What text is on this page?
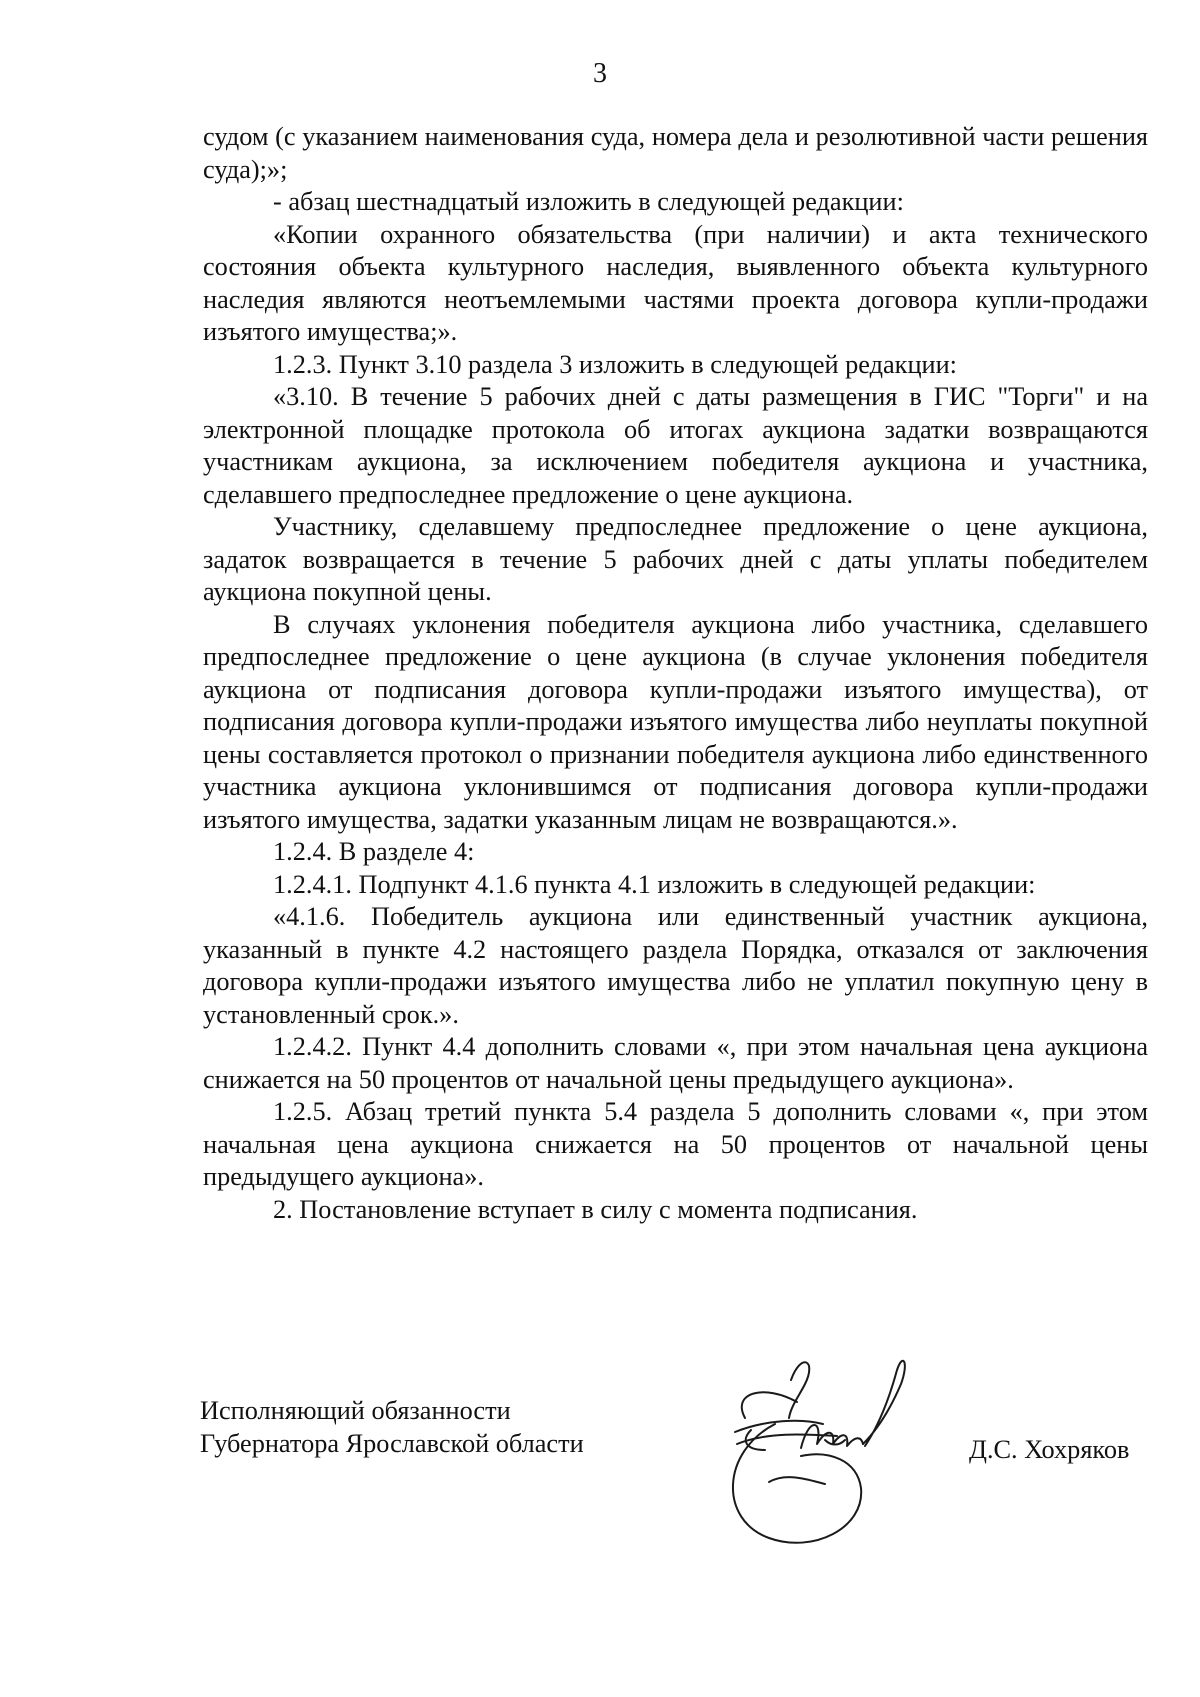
3

судом (с указанием наименования суда, номера дела и резолютивной части решения суда);»;

- абзац шестнадцатый изложить в следующей редакции:

«Копии охранного обязательства (при наличии) и акта технического состояния объекта культурного наследия, выявленного объекта культурного наследия являются неотъемлемыми частями проекта договора купли-продажи изъятого имущества;».

1.2.3. Пункт 3.10 раздела 3 изложить в следующей редакции:

«3.10. В течение 5 рабочих дней с даты размещения в ГИС "Торги" и на электронной площадке протокола об итогах аукциона задатки возвращаются участникам аукциона, за исключением победителя аукциона и участника, сделавшего предпоследнее предложение о цене аукциона.

Участнику, сделавшему предпоследнее предложение о цене аукциона, задаток возвращается в течение 5 рабочих дней с даты уплаты победителем аукциона покупной цены.

В случаях уклонения победителя аукциона либо участника, сделавшего предпоследнее предложение о цене аукциона (в случае уклонения победителя аукциона от подписания договора купли-продажи изъятого имущества), от подписания договора купли-продажи изъятого имущества либо неуплаты покупной цены составляется протокол о признании победителя аукциона либо единственного участника аукциона уклонившимся от подписания договора купли-продажи изъятого имущества, задатки указанным лицам не возвращаются.».

1.2.4. В разделе 4:

1.2.4.1. Подпункт 4.1.6 пункта 4.1 изложить в следующей редакции:

«4.1.6. Победитель аукциона или единственный участник аукциона, указанный в пункте 4.2 настоящего раздела Порядка, отказался от заключения договора купли-продажи изъятого имущества либо не уплатил покупную цену в установленный срок.».

1.2.4.2. Пункт 4.4 дополнить словами «, при этом начальная цена аукциона снижается на 50 процентов от начальной цены предыдущего аукциона».

1.2.5. Абзац третий пункта 5.4 раздела 5 дополнить словами «, при этом начальная цена аукциона снижается на 50 процентов от начальной цены предыдущего аукциона».

2. Постановление вступает в силу с момента подписания.

Исполняющий обязанности
Губернатора Ярославской области	Д.С. Хохряков
